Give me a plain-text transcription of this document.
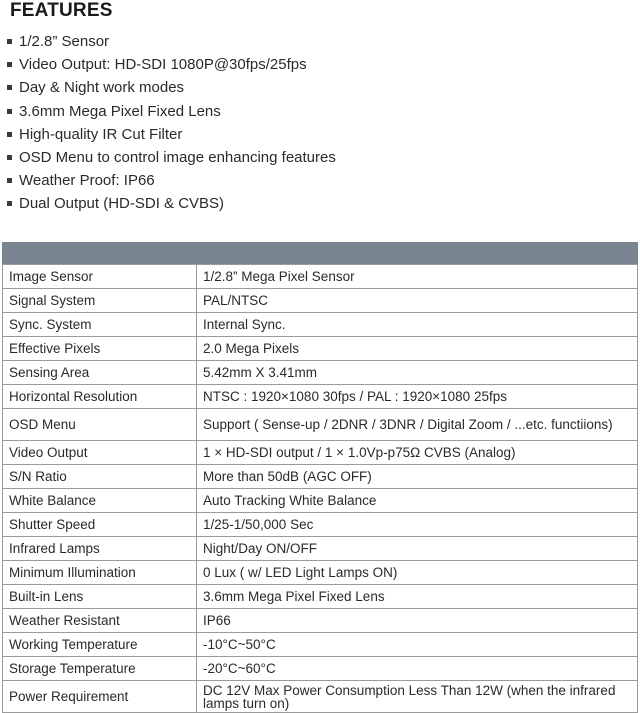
FEATURES
1/2.8” Sensor
Video Output: HD-SDI 1080P@30fps/25fps
Day & Night work modes
3.6mm Mega Pixel Fixed Lens
High-quality IR Cut Filter
OSD Menu to control image enhancing features
Weather Proof: IP66
Dual Output (HD-SDI & CVBS)
Image Sensor	1/2.8” Mega Pixel Sensor
Signal System	PAL/NTSC
Sync. System	Internal Sync.
Effective Pixels	2.0 Mega Pixels
Sensing Area	5.42mm X 3.41mm
Horizontal Resolution	NTSC : 1920×1080 30fps / PAL : 1920×1080 25fps
OSD Menu	Support ( Sense-up / 2DNR / 3DNR / Digital Zoom / ...etc. functiions)
Video Output	1 × HD-SDI output / 1 × 1.0Vp-p75Ω CVBS (Analog)
S/N Ratio	More than 50dB (AGC OFF)
White Balance	Auto Tracking White Balance
Shutter Speed	1/25-1/50,000 Sec
Infrared Lamps	Night/Day ON/OFF
Minimum Illumination	0 Lux ( w/ LED Light Lamps ON)
Built-in Lens	3.6mm Mega Pixel Fixed Lens
Weather Resistant	IP66
Working Temperature	-10°C~50°C
Storage Temperature	-20°C~60°C
Power Requirement	DC 12V Max Power Consumption Less Than 12W (when the infrared lamps turn on)
